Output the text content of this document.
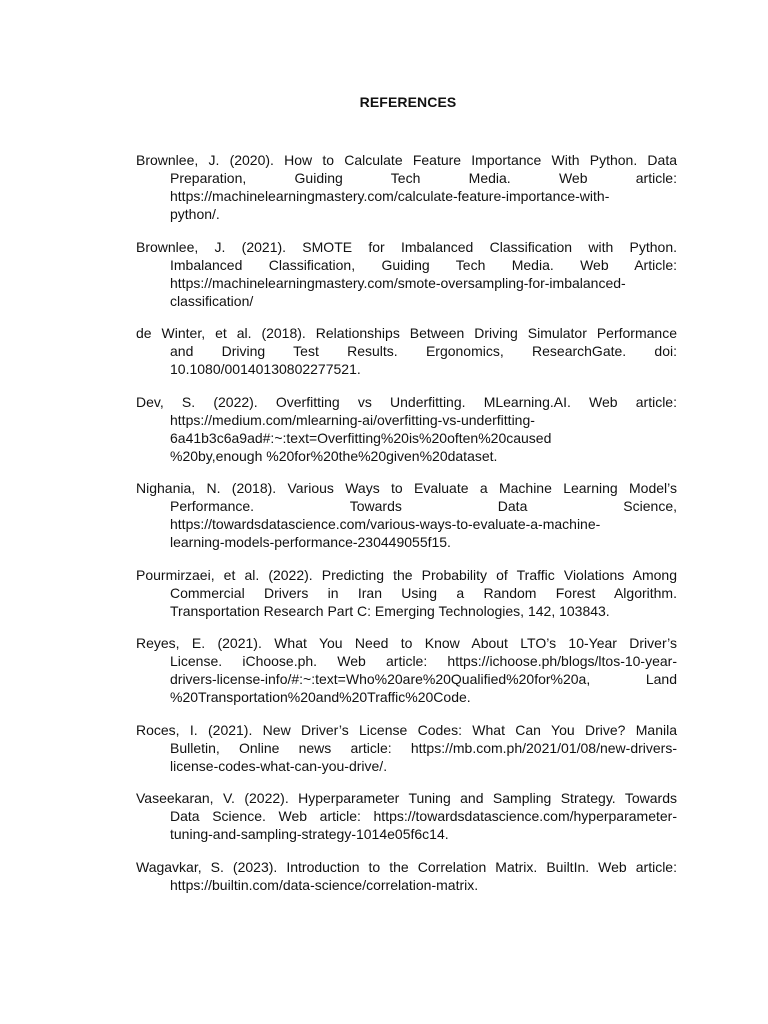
REFERENCES
Brownlee, J. (2020). How to Calculate Feature Importance With Python. Data
Preparation, Guiding Tech Media. Web article:
https://machinelearningmastery.com/calculate-feature-importance-with-
python/.
Brownlee, J. (2021). SMOTE for Imbalanced Classification with Python.
Imbalanced Classification, Guiding Tech Media. Web Article:
https://machinelearningmastery.com/smote-oversampling-for-imbalanced-
classification/
de Winter, et al. (2018). Relationships Between Driving Simulator Performance
and Driving Test Results. Ergonomics, ResearchGate. doi:
10.1080/00140130802277521.
Dev, S. (2022). Overfitting vs Underfitting. MLearning.AI. Web article:
https://medium.com/mlearning-ai/overfitting-vs-underfitting-
6a41b3c6a9ad#:~:text=Overfitting%20is%20often%20caused
%20by,enough %20for%20the%20given%20dataset.
Nighania, N. (2018). Various Ways to Evaluate a Machine Learning Model’s
Performance. Towards Data Science,
https://towardsdatascience.com/various-ways-to-evaluate-a-machine-
learning-models-performance-230449055f15.
Pourmirzaei, et al. (2022). Predicting the Probability of Traffic Violations Among
Commercial Drivers in Iran Using a Random Forest Algorithm.
Transportation Research Part C: Emerging Technologies, 142, 103843.
Reyes, E. (2021). What You Need to Know About LTO’s 10-Year Driver’s
License. iChoose.ph. Web article: https://ichoose.ph/blogs/ltos-10-year-
drivers-license-info/#:~:text=Who%20are%20Qualified%20for%20a, Land
%20Transportation%20and%20Traffic%20Code.
Roces, I. (2021). New Driver’s License Codes: What Can You Drive? Manila
Bulletin, Online news article: https://mb.com.ph/2021/01/08/new-drivers-
license-codes-what-can-you-drive/.
Vaseekaran, V. (2022). Hyperparameter Tuning and Sampling Strategy. Towards
Data Science. Web article: https://towardsdatascience.com/hyperparameter-
tuning-and-sampling-strategy-1014e05f6c14.
Wagavkar, S. (2023). Introduction to the Correlation Matrix. BuiltIn. Web article:
https://builtin.com/data-science/correlation-matrix.
